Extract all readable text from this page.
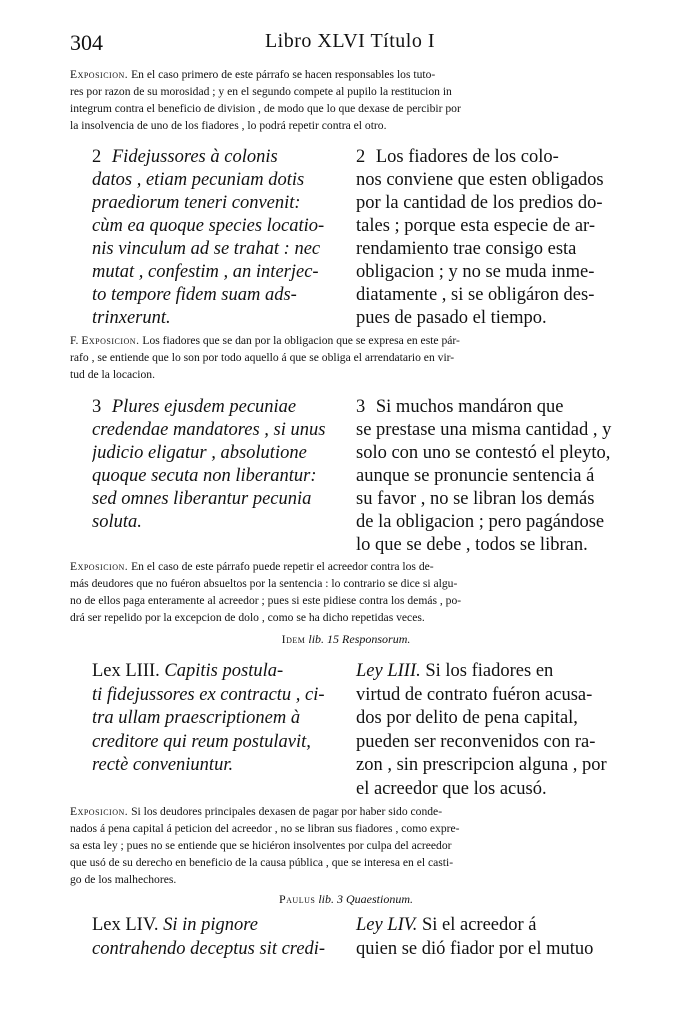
304	Libro XLVI Título I
Exposicion. En el caso primero de este párrafo se hacen responsables los tuto-
res por razon de su morosidad ; y en el segundo compete al pupilo la restitucion in
integrum contra el beneficio de division , de modo que lo que dexase de percibir por
la insolvencia de uno de los fiadores , lo podrá repetir contra el otro.
2 Fidejussores à colonis
datos , etiam pecuniam dotis
praediorum teneri convenit:
cùm ea quoque species locatio-
nis vinculum ad se trahat : nec
mutat , confestim , an interjec-
to tempore fidem suam ads-
trinxerunt.
2 Los fiadores de los colo-
nos conviene que esten obligados
por la cantidad de los predios do-
tales ; porque esta especie de ar-
rendamiento trae consigo esta
obligacion ; y no se muda inme-
diatamente , si se obligáron des-
pues de pasado el tiempo.
F. Exposicion. Los fiadores que se dan por la obligacion que se expresa en este pár-
rafo , se entiende que lo son por todo aquello á que se obliga el arrendatario en vir-
tud de la locacion.
3 Plures ejusdem pecuniae
credendae mandatores , si unus
judicio eligatur , absolutione
quoque secuta non liberantur:
sed omnes liberantur pecunia
soluta.
3 Si muchos mandáron que
se prestase una misma cantidad , y
solo con uno se contestó el pleyto,
aunque se pronuncie sentencia á
su favor , no se libran los demás
de la obligacion ; pero pagándose
lo que se debe , todos se libran.
Exposicion. En el caso de este párrafo puede repetir el acreedor contra los de-
más deudores que no fuéron absueltos por la sentencia : lo contrario se dice si algu-
no de ellos paga enteramente al acreedor ; pues si este pidiese contra los demás , po-
drá ser repelido por la excepcion de dolo , como se ha dicho repetidas veces.
Idem lib. 15 Responsorum.
Lex LIII. Capitis postula-
ti fidejussores ex contractu , ci-
tra ullam praescriptionem à
creditore qui reum postulavit,
rectè conveniuntur.
Ley LIII. Si los fiadores en
virtud de contrato fuéron acusa-
dos por delito de pena capital,
pueden ser reconvenidos con ra-
zon , sin prescripcion alguna , por
el acreedor que los acusó.
Exposicion. Si los deudores principales dexasen de pagar por haber sido conde-
nados á pena capital á peticion del acreedor , no se libran sus fiadores , como expre-
sa esta ley ; pues no se entiende que se hiciéron insolventes por culpa del acreedor
que usó de su derecho en beneficio de la causa pública , que se interesa en el casti-
go de los malhechores.
Paulus lib. 3 Quaestionum.
Lex LIV. Si in pignore
contrahendo deceptus sit credi-
Ley LIV. Si el acreedor á
quien se dió fiador por el mutuo
